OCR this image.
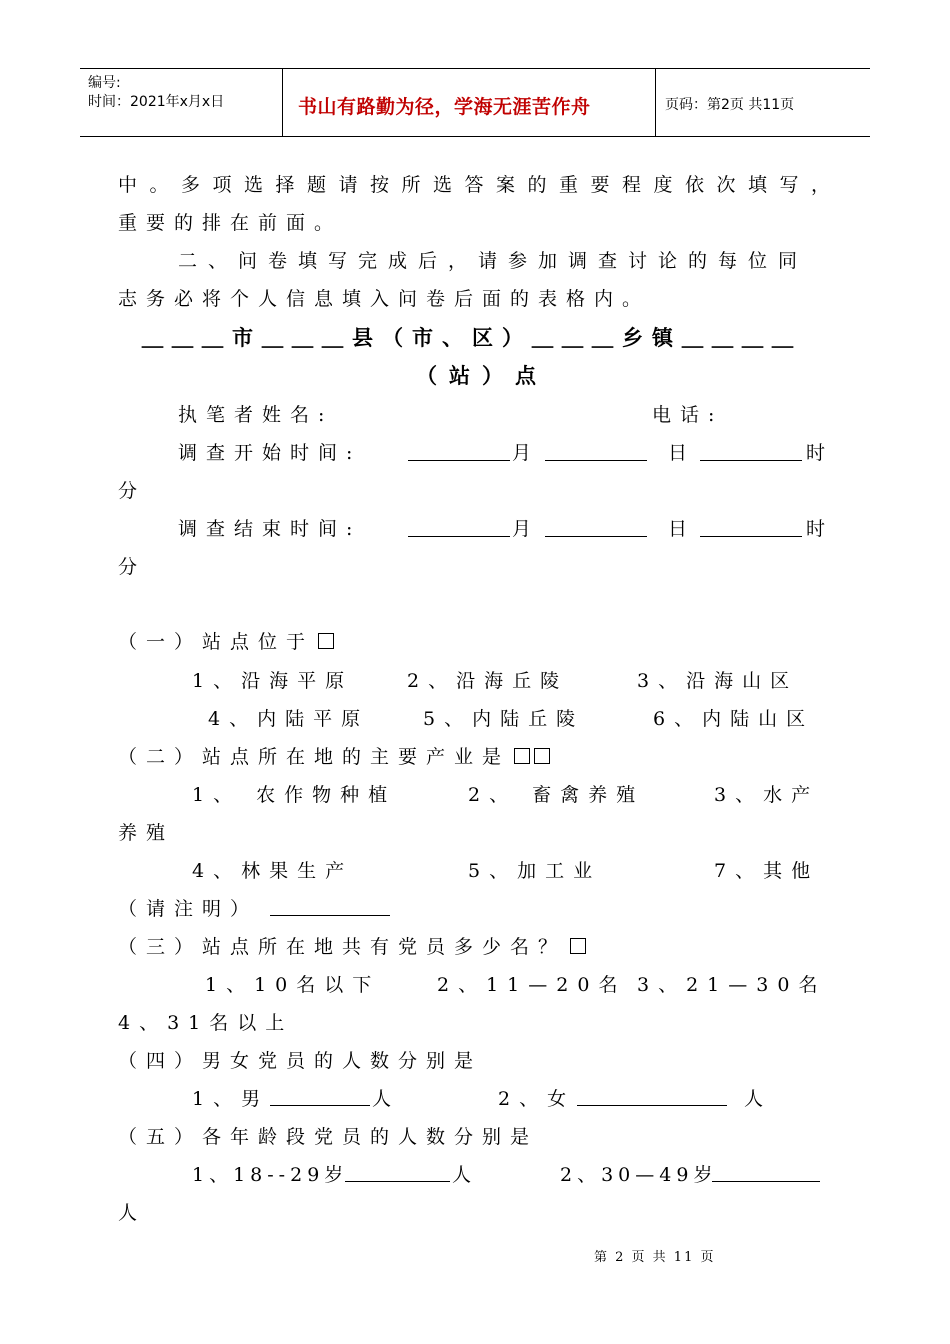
编号:
时间：2021年x月x日	书山有路勤为径，学海无涯苦作舟	页码：第2页 共11页
中。多项选择题请按所选答案的重要程度依次填写，
重要的排在前面。
二、问卷填写完成后，请参加调查讨论的每位同
志务必将个人信息填入问卷后面的表格内。
＿＿＿市＿＿＿县（市、区）＿＿＿乡镇＿＿＿＿
（站）点
执笔者姓名:	电话:
调查开始时间:	月	日	时
分
调查结束时间:	月	日	时
分
（一）站点位于
1、沿海平原	2、沿海丘陵	3、沿海山区
4、内陆平原	5、内陆丘陵	6、内陆山区
（二）站点所在地的主要产业是
1、 农作物种植	2、 畜禽养殖	3、水产
养殖
4、林果生产	5、加工业	7、其他
（请注明）
（三）站点所在地共有党员多少名？
1、10名以下	2、11—20名 3、21—30名
4、31名以上
（四）男女党员的人数分别是
1、男	人	2、女	人
（五）各年龄段党员的人数分别是
1、18--29岁	人	2、30—49岁
人
第 2 页 共 11 页
